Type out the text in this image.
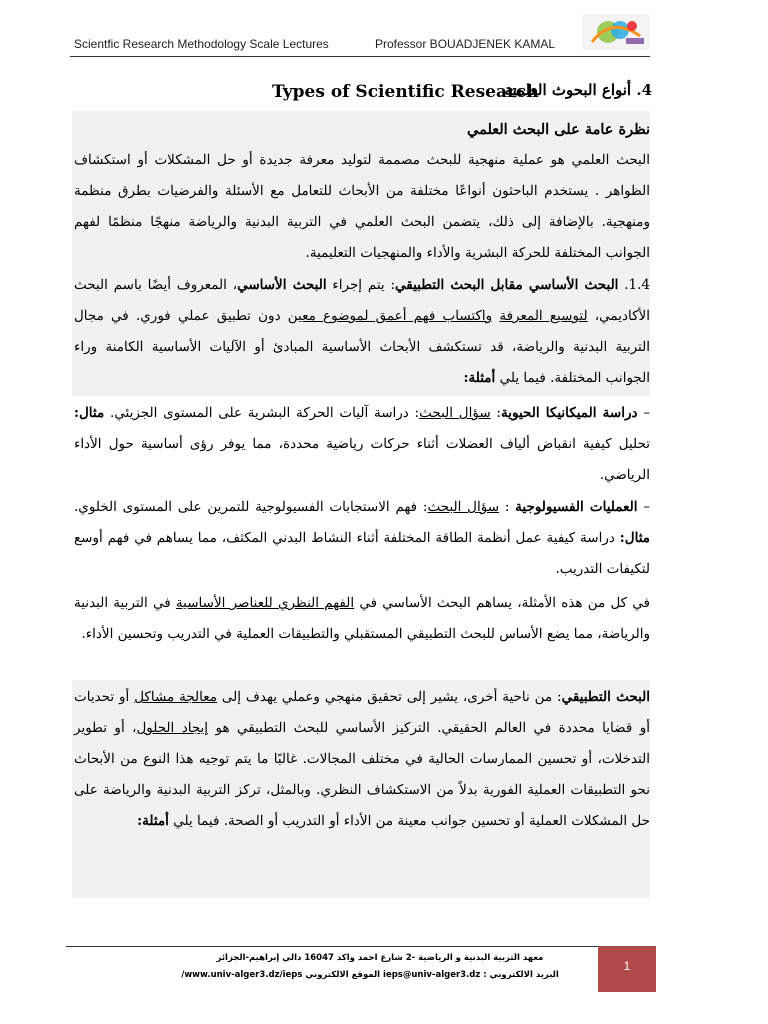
Scientfic Research Methodology Scale Lectures	Professor BOUADJENEK KAMAL
Types of Scientific Research
4. أنواع البحوث العلمية
نظرة عامة على البحث العلمي
البحث العلمي هو عملية منهجية للبحث مصممة لتوليد معرفة جديدة أو حل المشكلات أو استكشاف الظواهر . يستخدم الباحثون أنواعًا مختلفة من الأبحاث للتعامل مع الأسئلة والفرضيات بطرق منظمة ومنهجية. بالإضافة إلى ذلك، يتضمن البحث العلمي في التربية البدنية والرياضة منهجًا منظمًا لفهم الجوانب المختلفة للحركة البشرية والأداء والمنهجيات التعليمية.
1.4. البحث الأساسي مقابل البحث التطبيقي: يتم إجراء البحث الأساسي، المعروف أيضًا باسم البحث الأكاديمي، لتوسيع المعرفة واكتساب فهم أعمق لموضوع معين دون تطبيق عملي فوري. في مجال التربية البدنية والرياضة، قد تستكشف الأبحاث الأساسية المبادئ أو الآليات الأساسية الكامنة وراء الجوانب المختلفة. فيما يلي أمثلة:
– دراسة الميكانيكا الحيوية: سؤال البحث: دراسة آليات الحركة البشرية على المستوى الجزيئي. مثال: تحليل كيفية انقباض ألياف العضلات أثناء حركات رياضية محددة، مما يوفر رؤى أساسية حول الأداء الرياضي.
– العمليات الفسيولوجية : سؤال البحث: فهم الاستجابات الفسيولوجية للتمرين على المستوى الخلوي. مثال: دراسة كيفية عمل أنظمة الطاقة المختلفة أثناء النشاط البدني المكثف، مما يساهم في فهم أوسع لتكيفات التدريب.
في كل من هذه الأمثلة، يساهم البحث الأساسي في الفهم النظري للعناصر الأساسية في التربية البدنية والرياضة، مما يضع الأساس للبحث التطبيقي المستقبلي والتطبيقات العملية في التدريب وتحسين الأداء.
البحث التطبيقي: من ناحية أخرى، يشير إلى تحقيق منهجي وعملي يهدف إلى معالجة مشاكل أو تحديات أو قضايا محددة في العالم الحقيقي. التركيز الأساسي للبحث التطبيقي هو إيجاد الحلول، أو تطوير التدخلات، أو تحسين الممارسات الحالية في مختلف المجالات. غالبًا ما يتم توجيه هذا النوع من الأبحاث نحو التطبيقات العملية الفورية بدلاً من الاستكشاف النظري. وبالمثل، تركز التربية البدنية والرياضة على حل المشكلات العملية أو تحسين جوانب معينة من الأداء أو التدريب أو الصحة. فيما يلي أمثلة:
معهد التربية البدنية و الرياضية -2 شارع احمد واكد 16047 دالي إبراهيم-الجزائر
البريد الالكتروني : ieps@univ-alger3.dz الموقع الالكتروني www.univ-alger3.dz/ieps/
1
